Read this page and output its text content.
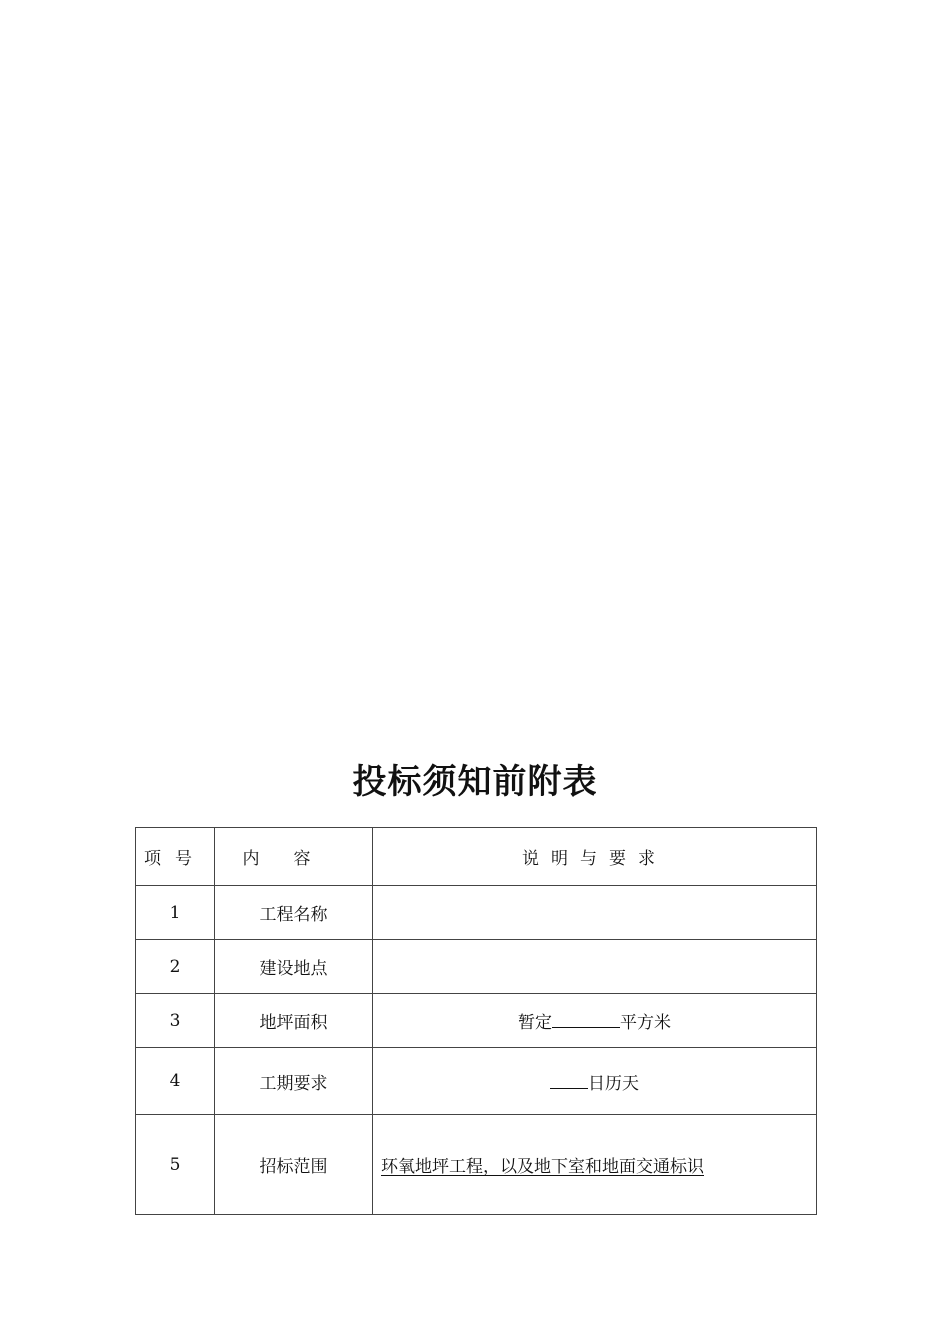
投标须知前附表
项号	内容	说明与要求
1	工程名称	
2	建设地点	
3	地坪面积	暂定 平方米
4	工期要求	日历天
5	招标范围	环氧地坪工程，以及地下室和地面交通标识
